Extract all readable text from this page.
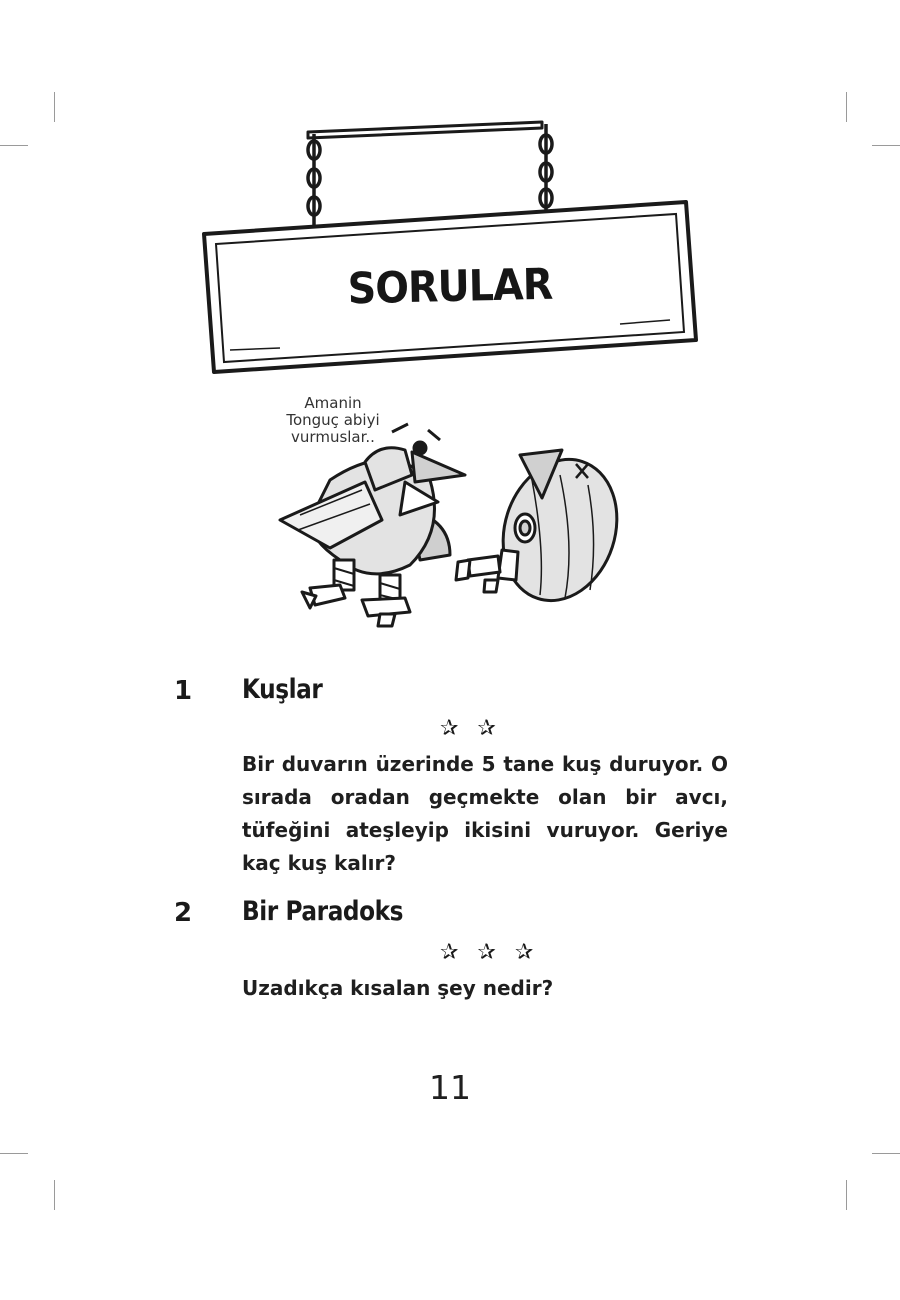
SORULAR
Amanin
Tonguç abiyi
vurmuslar..
1 Kuşlar
✰ ✰
Bir duvarın üzerinde 5 tane kuş duruyor. O sırada oradan geçmekte olan bir avcı, tüfeğini ateşleyip ikisini vuruyor. Geriye kaç kuş kalır?
2 Bir Paradoks
✰ ✰ ✰
Uzadıkça kısalan şey nedir?
11
